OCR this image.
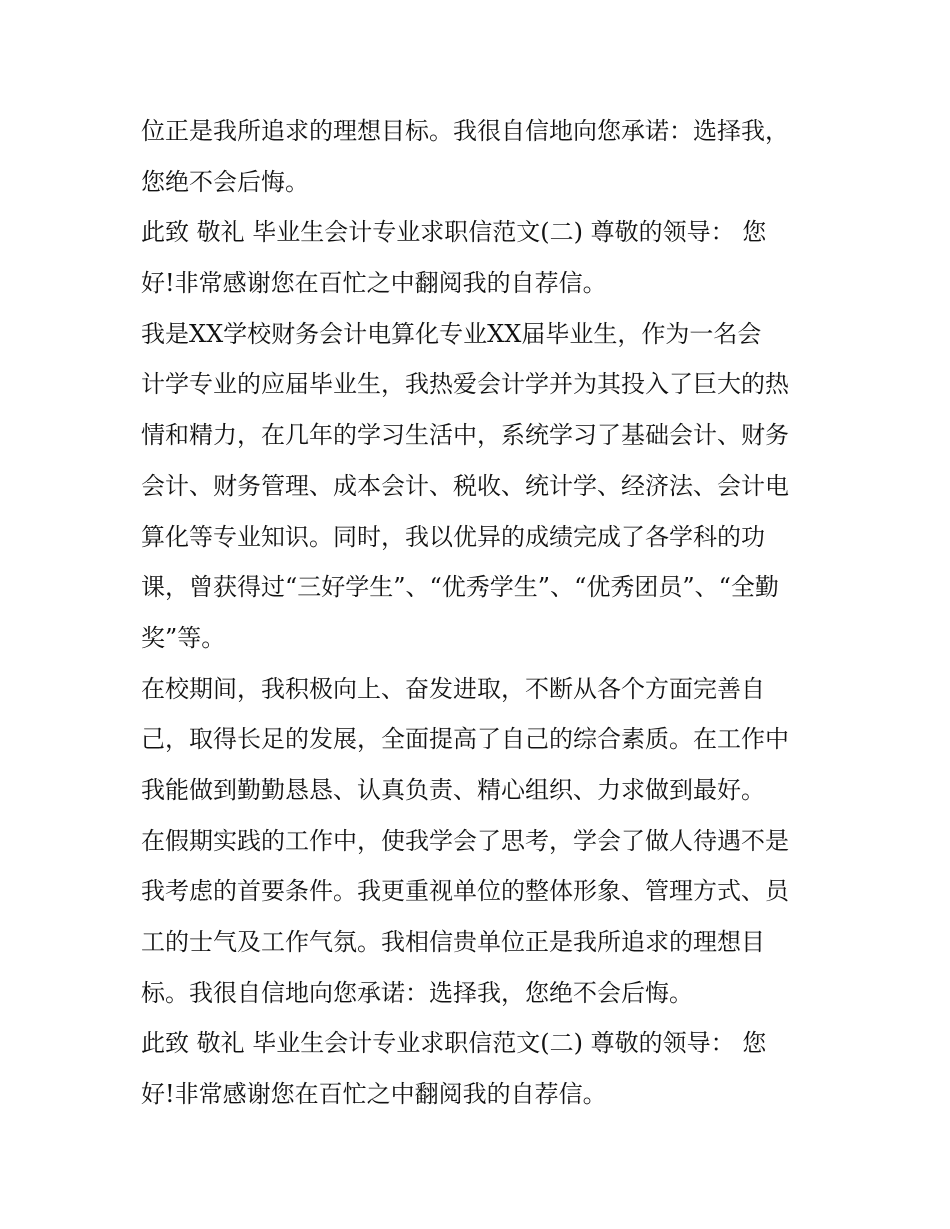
位正是我所追求的理想目标。我很自信地向您承诺：选择我，
您绝不会后悔。
此致 敬礼 毕业生会计专业求职信范文(二) 尊敬的领导： 您
好!非常感谢您在百忙之中翻阅我的自荐信。
我是XX学校财务会计电算化专业XX届毕业生，作为一名会
计学专业的应届毕业生，我热爱会计学并为其投入了巨大的热
情和精力，在几年的学习生活中，系统学习了基础会计、财务
会计、财务管理、成本会计、税收、统计学、经济法、会计电
算化等专业知识。同时，我以优异的成绩完成了各学科的功
课，曾获得过“三好学生”、“优秀学生”、“优秀团员”、“全勤
奖”等。
在校期间，我积极向上、奋发进取，不断从各个方面完善自
己，取得长足的发展，全面提高了自己的综合素质。在工作中
我能做到勤勤恳恳、认真负责、精心组织、力求做到最好。
在假期实践的工作中，使我学会了思考，学会了做人待遇不是
我考虑的首要条件。我更重视单位的整体形象、管理方式、员
工的士气及工作气氛。我相信贵单位正是我所追求的理想目
标。我很自信地向您承诺：选择我，您绝不会后悔。
此致 敬礼 毕业生会计专业求职信范文(二) 尊敬的领导： 您
好!非常感谢您在百忙之中翻阅我的自荐信。
